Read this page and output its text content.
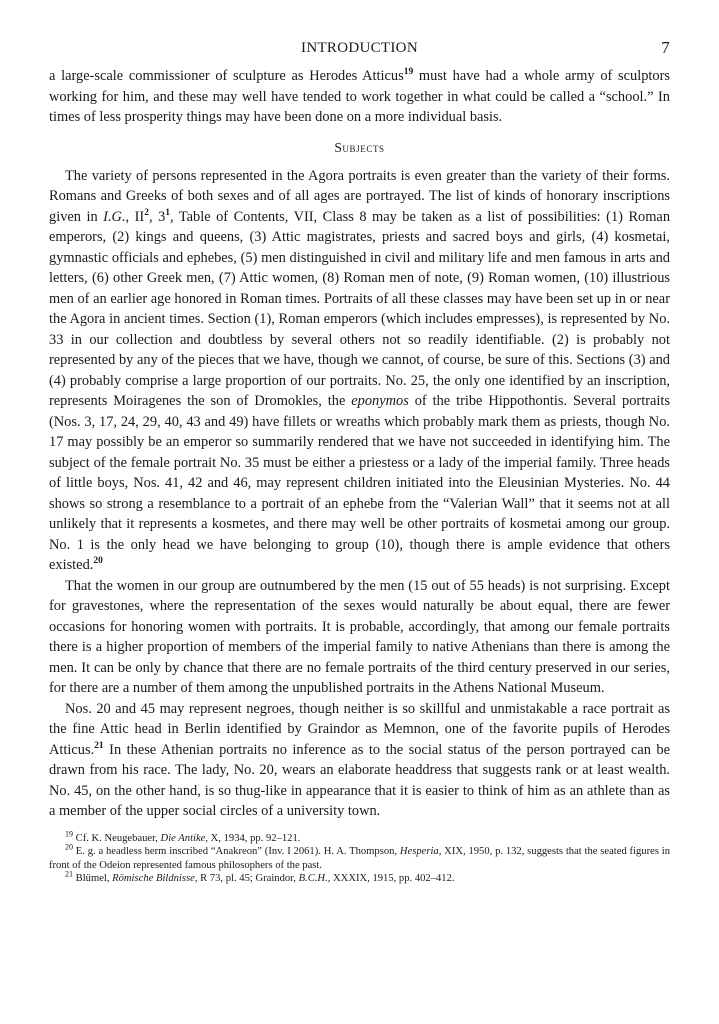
INTRODUCTION	7

a large-scale commissioner of sculpture as Herodes Atticus$^{19}$ must have had a whole army of sculptors working for him, and these may well have tended to work together in what could be called a “school.” In times of less prosperity things may have been done on a more individual basis.

Subjects

The variety of persons represented in the Agora portraits is even greater than the variety of their forms. Romans and Greeks of both sexes and of all ages are portrayed. The list of kinds of honorary inscriptions given in I.G., $II^2$, $3^1$, Table of Contents, VII, Class 8 may be taken as a list of possibilities: (1) Roman emperors, (2) kings and queens, (3) Attic magistrates, priests and sacred boys and girls, (4) kosmetai, gymnastic officials and ephebes, (5) men distinguished in civil and military life and men famous in arts and letters, (6) other Greek men, (7) Attic women, (8) Roman men of note, (9) Roman women, (10) illustrious men of an earlier age honored in Roman times. Portraits of all these classes may have been set up in or near the Agora in ancient times. Section (1), Roman emperors (which includes empresses), is represented by No. 33 in our collection and doubtless by several others not so readily identifiable. (2) is probably not represented by any of the pieces that we have, though we cannot, of course, be sure of this. Sections (3) and (4) probably comprise a large proportion of our portraits. No. 25, the only one identified by an inscription, represents Moiragenes the son of Dromokles, the eponymos of the tribe Hippothontis. Several portraits (Nos. 3, 17, 24, 29, 40, 43 and 49) have fillets or wreaths which probably mark them as priests, though No. 17 may possibly be an emperor so summarily rendered that we have not succeeded in identifying him. The subject of the female portrait No. 35 must be either a priestess or a lady of the imperial family. Three heads of little boys, Nos. 41, 42 and 46, may represent children initiated into the Eleusinian Mysteries. No. 44 shows so strong a resemblance to a portrait of an ephebe from the “Valerian Wall” that it seems not at all unlikely that it represents a kosmetes, and there may well be other portraits of kosmetai among our group. No. 1 is the only head we have belonging to group (10), though there is ample evidence that others existed.$^{20}$

That the women in our group are outnumbered by the men (15 out of 55 heads) is not surprising. Except for gravestones, where the representation of the sexes would naturally be about equal, there are fewer occasions for honoring women with portraits. It is probable, accordingly, that among our female portraits there is a higher proportion of members of the imperial family to native Athenians than there is among the men. It can be only by chance that there are no female portraits of the third century preserved in our series, for there are a number of them among the unpublished portraits in the Athens National Museum.

Nos. 20 and 45 may represent negroes, though neither is so skillful and unmistakable a race portrait as the fine Attic head in Berlin identified by Graindor as Memnon, one of the favorite pupils of Herodes Atticus.$^{21}$ In these Athenian portraits no inference as to the social status of the person portrayed can be drawn from his race. The lady, No. 20, wears an elaborate headdress that suggests rank or at least wealth. No. 45, on the other hand, is so thug-like in appearance that it is easier to think of him as an athlete than as a member of the upper social circles of a university town.

$^{19}$ Cf. K. Neugebauer, Die Antike, X, 1934, pp. 92–121.

$^{20}$ E. g. a headless herm inscribed “Anakreon” (Inv. I 2061). H. A. Thompson, Hesperia, XIX, 1950, p. 132, suggests that the seated figures in front of the Odeion represented famous philosophers of the past.

$^{21}$ Blümel, Römische Bildnisse, R 73, pl. 45; Graindor, B.C.H., XXXIX, 1915, pp. 402–412.
